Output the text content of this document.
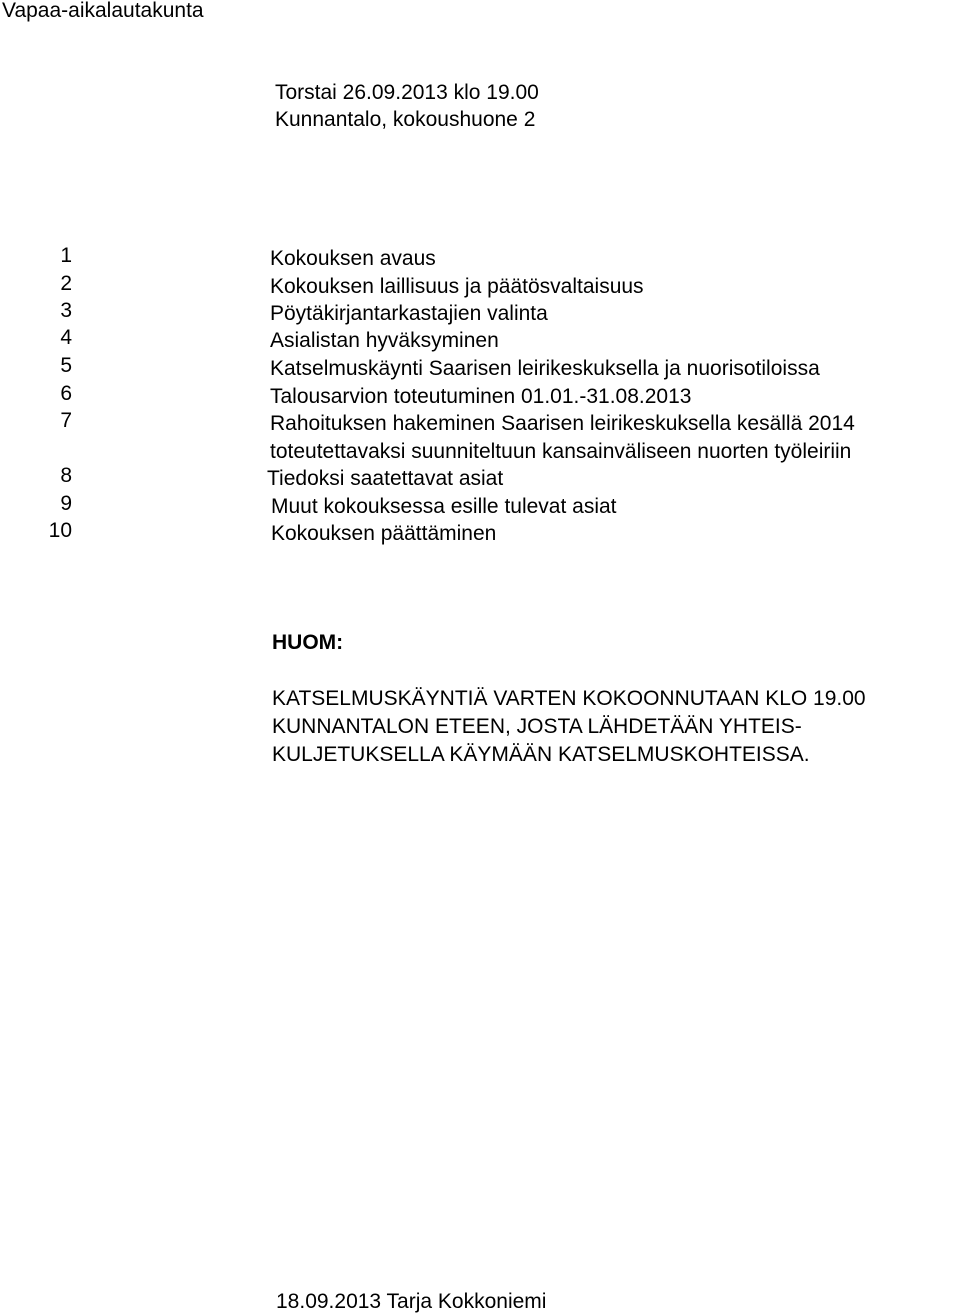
Vapaa-aikalautakunta
Torstai 26.09.2013 klo 19.00
Kunnantalo, kokoushuone 2
1	Kokouksen avaus
2	Kokouksen laillisuus ja päätösvaltaisuus
3	Pöytäkirjantarkastajien valinta
4	Asialistan hyväksyminen
5	Katselmuskäynti Saarisen leirikeskuksella ja nuorisotiloissa
6	Talousarvion toteutuminen 01.01.-31.08.2013
7	Rahoituksen hakeminen Saarisen leirikeskuksella kesällä 2014
toteutettavaksi suunniteltuun kansainväliseen nuorten työleiriin
8	Tiedoksi saatettavat asiat
9	Muut kokouksessa esille tulevat asiat
10	Kokouksen päättäminen
HUOM:
KATSELMUSKÄYNTIÄ VARTEN KOKOONNUTAAN KLO 19.00
KUNNANTALON ETEEN, JOSTA LÄHDETÄÄN YHTEIS-
KULJETUKSELLA KÄYMÄÄN KATSELMUSKOHTEISSA.
18.09.2013 Tarja Kokkoniemi
